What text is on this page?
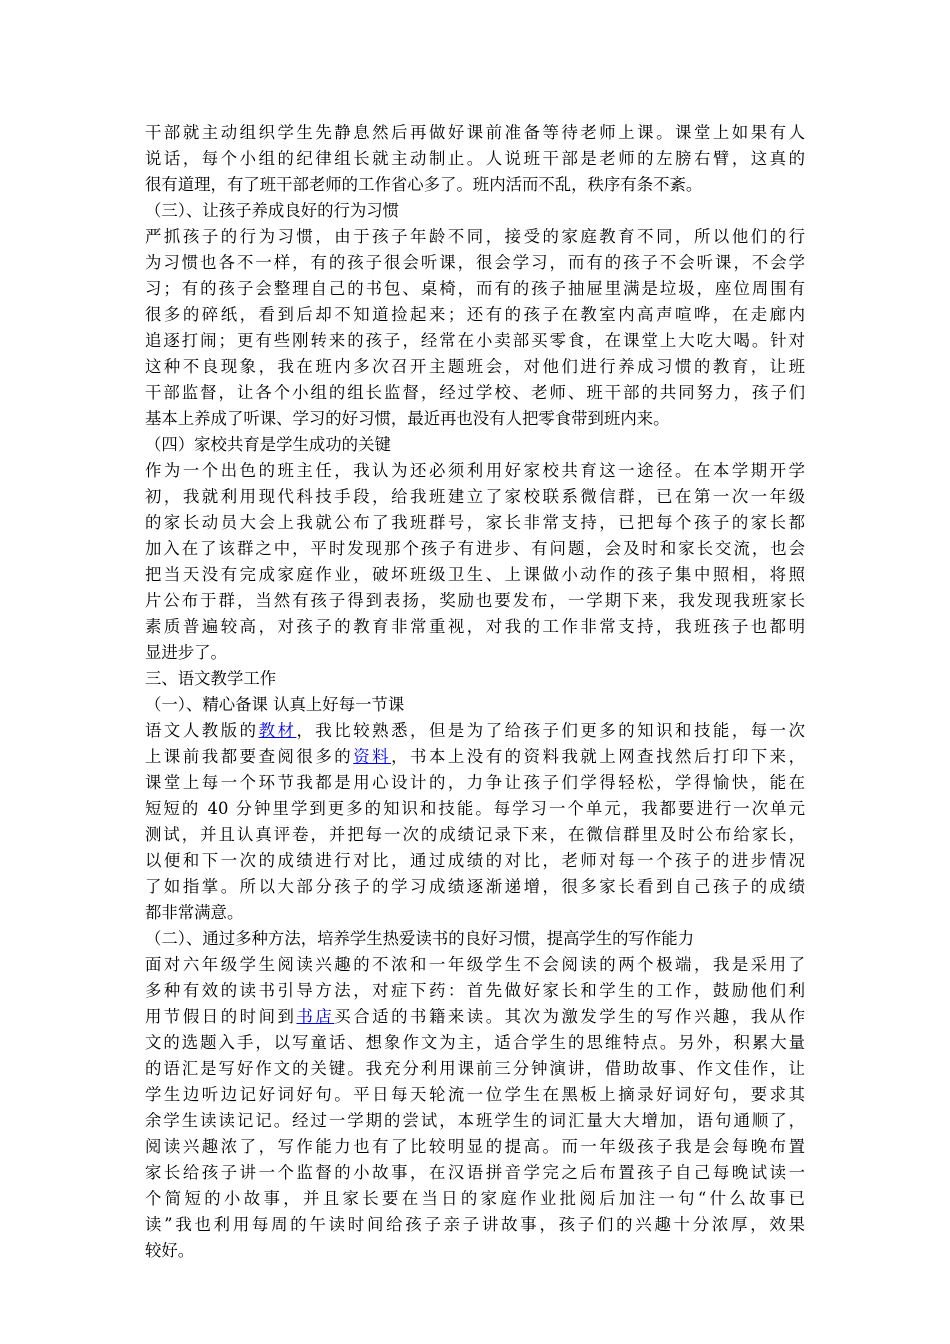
干部就主动组织学生先静息然后再做好课前准备等待老师上课。课堂上如果有人
说话，每个小组的纪律组长就主动制止。人说班干部是老师的左膀右臂，这真的
很有道理，有了班干部老师的工作省心多了。班内活而不乱，秩序有条不紊。
（三）、让孩子养成良好的行为习惯
严抓孩子的行为习惯，由于孩子年龄不同，接受的家庭教育不同，所以他们的行
为习惯也各不一样，有的孩子很会听课，很会学习，而有的孩子不会听课，不会学
习；有的孩子会整理自己的书包、桌椅，而有的孩子抽屉里满是垃圾，座位周围有
很多的碎纸，看到后却不知道捡起来；还有的孩子在教室内高声喧哗，在走廊内
追逐打闹；更有些刚转来的孩子，经常在小卖部买零食，在课堂上大吃大喝。针对
这种不良现象，我在班内多次召开主题班会，对他们进行养成习惯的教育，让班
干部监督，让各个小组的组长监督，经过学校、老师、班干部的共同努力，孩子们
基本上养成了听课、学习的好习惯，最近再也没有人把零食带到班内来。
（四）家校共育是学生成功的关键
作为一个出色的班主任，我认为还必须利用好家校共育这一途径。在本学期开学
初，我就利用现代科技手段，给我班建立了家校联系微信群，已在第一次一年级
的家长动员大会上我就公布了我班群号，家长非常支持，已把每个孩子的家长都
加入在了该群之中，平时发现那个孩子有进步、有问题，会及时和家长交流，也会
把当天没有完成家庭作业，破坏班级卫生、上课做小动作的孩子集中照相，将照
片公布于群，当然有孩子得到表扬，奖励也要发布，一学期下来，我发现我班家长
素质普遍较高，对孩子的教育非常重视，对我的工作非常支持，我班孩子也都明
显进步了。
三、语文教学工作
（一）、精心备课 认真上好每一节课
语文人教版的教材，我比较熟悉，但是为了给孩子们更多的知识和技能，每一次
上课前我都要查阅很多的资料，书本上没有的资料我就上网查找然后打印下来，
课堂上每一个环节我都是用心设计的，力争让孩子们学得轻松，学得愉快，能在
短短的 40 分钟里学到更多的知识和技能。每学习一个单元，我都要进行一次单元
测试，并且认真评卷，并把每一次的成绩记录下来，在微信群里及时公布给家长，
以便和下一次的成绩进行对比，通过成绩的对比，老师对每一个孩子的进步情况
了如指掌。所以大部分孩子的学习成绩逐渐递增，很多家长看到自己孩子的成绩
都非常满意。
（二）、通过多种方法，培养学生热爱读书的良好习惯，提高学生的写作能力
面对六年级学生阅读兴趣的不浓和一年级学生不会阅读的两个极端，我是采用了
多种有效的读书引导方法，对症下药：首先做好家长和学生的工作，鼓励他们利
用节假日的时间到书店买合适的书籍来读。其次为激发学生的写作兴趣，我从作
文的选题入手，以写童话、想象作文为主，适合学生的思维特点。另外，积累大量
的语汇是写好作文的关键。我充分利用课前三分钟演讲，借助故事、作文佳作，让
学生边听边记好词好句。平日每天轮流一位学生在黑板上摘录好词好句，要求其
余学生读读记记。经过一学期的尝试，本班学生的词汇量大大增加，语句通顺了，
阅读兴趣浓了，写作能力也有了比较明显的提高。而一年级孩子我是会每晚布置
家长给孩子讲一个监督的小故事，在汉语拼音学完之后布置孩子自己每晚试读一
个简短的小故事，并且家长要在当日的家庭作业批阅后加注一句“什么故事已
读”我也利用每周的午读时间给孩子亲子讲故事，孩子们的兴趣十分浓厚，效果
较好。
